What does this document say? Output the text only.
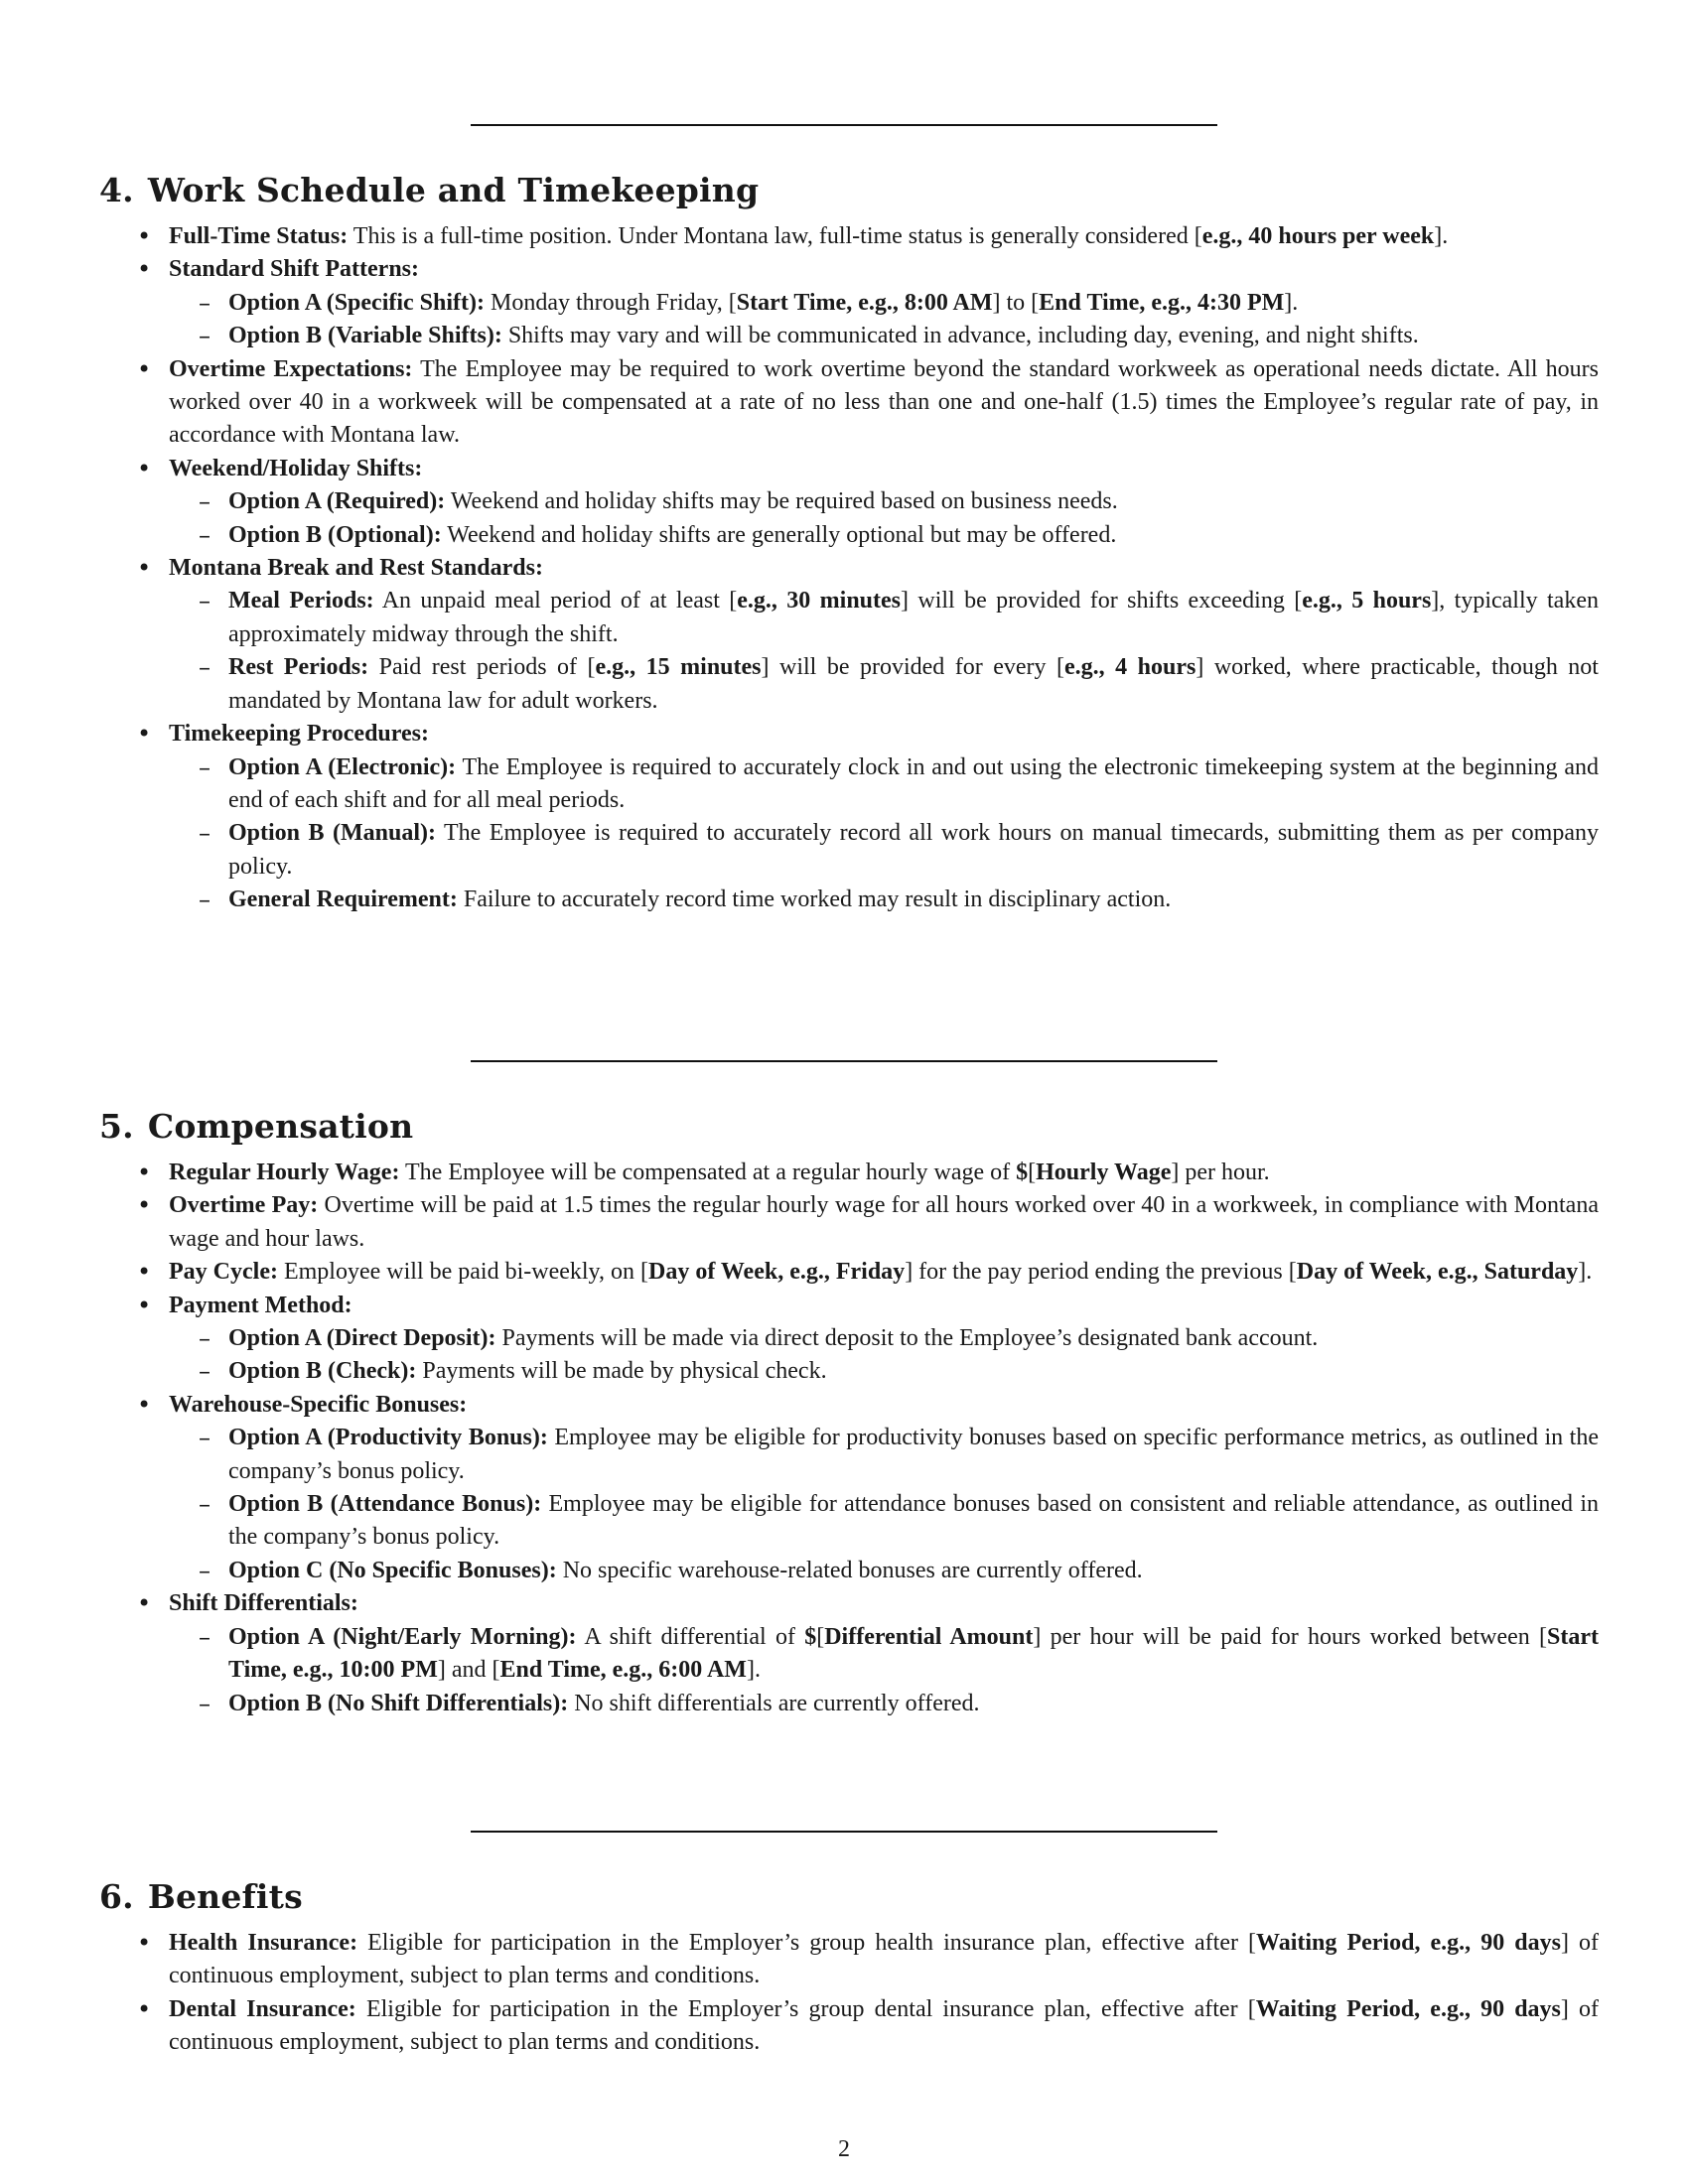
4. Work Schedule and Timekeeping

• Full-Time Status: This is a full-time position. Under Montana law, full-time status is generally considered [e.g., 40 hours per week].

• Standard Shift Patterns:

– Option A (Specific Shift): Monday through Friday, [Start Time, e.g., 8:00 AM] to [End Time, e.g., 4:30 PM].

– Option B (Variable Shifts): Shifts may vary and will be communicated in advance, including day, evening, and night shifts.

• Overtime Expectations: The Employee may be required to work overtime beyond the standard workweek as operational needs dictate. All hours worked over 40 in a workweek will be compensated at a rate of no less than one and one-half (1.5) times the Employee’s regular rate of pay, in accordance with Montana law.

• Weekend/Holiday Shifts:

– Option A (Required): Weekend and holiday shifts may be required based on business needs.

– Option B (Optional): Weekend and holiday shifts are generally optional but may be offered.

• Montana Break and Rest Standards:

– Meal Periods: An unpaid meal period of at least [e.g., 30 minutes] will be provided for shifts exceeding [e.g., 5 hours], typically taken approximately midway through the shift.

– Rest Periods: Paid rest periods of [e.g., 15 minutes] will be provided for every [e.g., 4 hours] worked, where practicable, though not mandated by Montana law for adult workers.

• Timekeeping Procedures:

– Option A (Electronic): The Employee is required to accurately clock in and out using the electronic timekeeping system at the beginning and end of each shift and for all meal periods.

– Option B (Manual): The Employee is required to accurately record all work hours on manual timecards, submitting them as per company policy.

– General Requirement: Failure to accurately record time worked may result in disciplinary action.

5. Compensation

• Regular Hourly Wage: The Employee will be compensated at a regular hourly wage of $[Hourly Wage] per hour.

• Overtime Pay: Overtime will be paid at 1.5 times the regular hourly wage for all hours worked over 40 in a workweek, in compliance with Montana wage and hour laws.

• Pay Cycle: Employee will be paid bi-weekly, on [Day of Week, e.g., Friday] for the pay period ending the previous [Day of Week, e.g., Saturday].

• Payment Method:

– Option A (Direct Deposit): Payments will be made via direct deposit to the Employee’s designated bank account.

– Option B (Check): Payments will be made by physical check.

• Warehouse-Specific Bonuses:

– Option A (Productivity Bonus): Employee may be eligible for productivity bonuses based on specific performance metrics, as outlined in the company’s bonus policy.

– Option B (Attendance Bonus): Employee may be eligible for attendance bonuses based on consistent and reliable attendance, as outlined in the company’s bonus policy.

– Option C (No Specific Bonuses): No specific warehouse-related bonuses are currently offered.

• Shift Differentials:

– Option A (Night/Early Morning): A shift differential of $[Differential Amount] per hour will be paid for hours worked between [Start Time, e.g., 10:00 PM] and [End Time, e.g., 6:00 AM].

– Option B (No Shift Differentials): No shift differentials are currently offered.

6. Benefits

• Health Insurance: Eligible for participation in the Employer’s group health insurance plan, effective after [Waiting Period, e.g., 90 days] of continuous employment, subject to plan terms and conditions.

• Dental Insurance: Eligible for participation in the Employer’s group dental insurance plan, effective after [Waiting Period, e.g., 90 days] of continuous employment, subject to plan terms and conditions.

2
